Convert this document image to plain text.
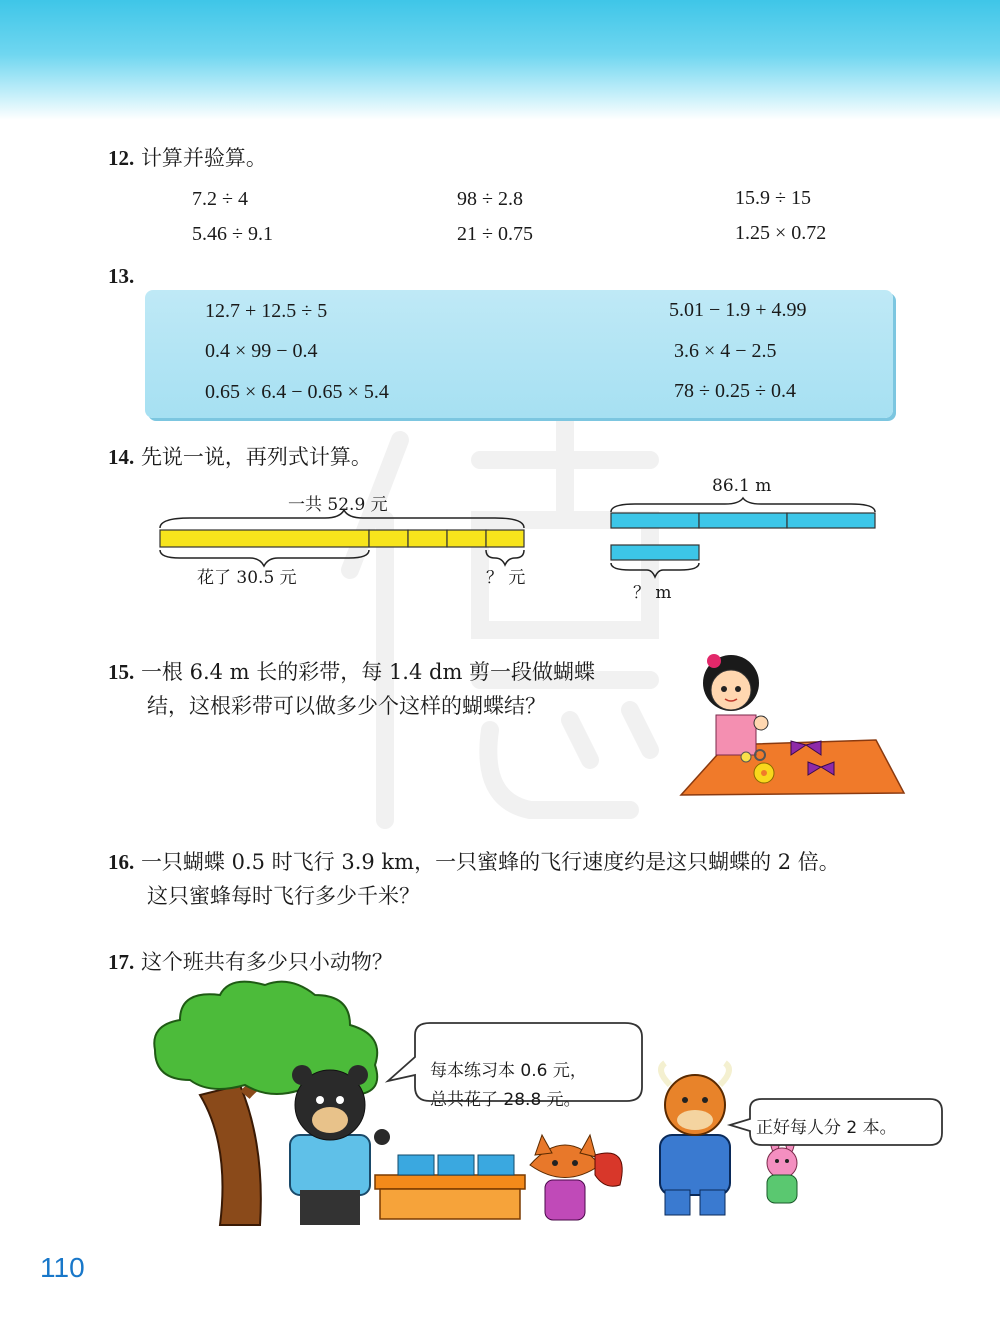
12. 计算并验算。
7.2 ÷ 4	98 ÷ 2.8	15.9 ÷ 15
5.46 ÷ 9.1	21 ÷ 0.75	1.25 × 0.72
13.
12.7 + 12.5 ÷ 5	5.01 − 1.9 + 4.99
0.4 × 99 − 0.4	3.6 × 4 − 2.5
0.65 × 6.4 − 0.65 × 5.4	78 ÷ 0.25 ÷ 0.4
14. 先说一说，再列式计算。
一共 52.9 元
花了 30.5 元	？ 元
86.1 m
？ m
15. 一根 6.4 m 长的彩带，每 1.4 dm 剪一段做蝴蝶
结，这根彩带可以做多少个这样的蝴蝶结？
16. 一只蝴蝶 0.5 时飞行 3.9 km，一只蜜蜂的飞行速度约是这只蝴蝶的 2 倍。
这只蜜蜂每时飞行多少千米？
17. 这个班共有多少只小动物？
每本练习本 0.6 元，
总共花了 28.8 元。
正好每人分 2 本。
110
